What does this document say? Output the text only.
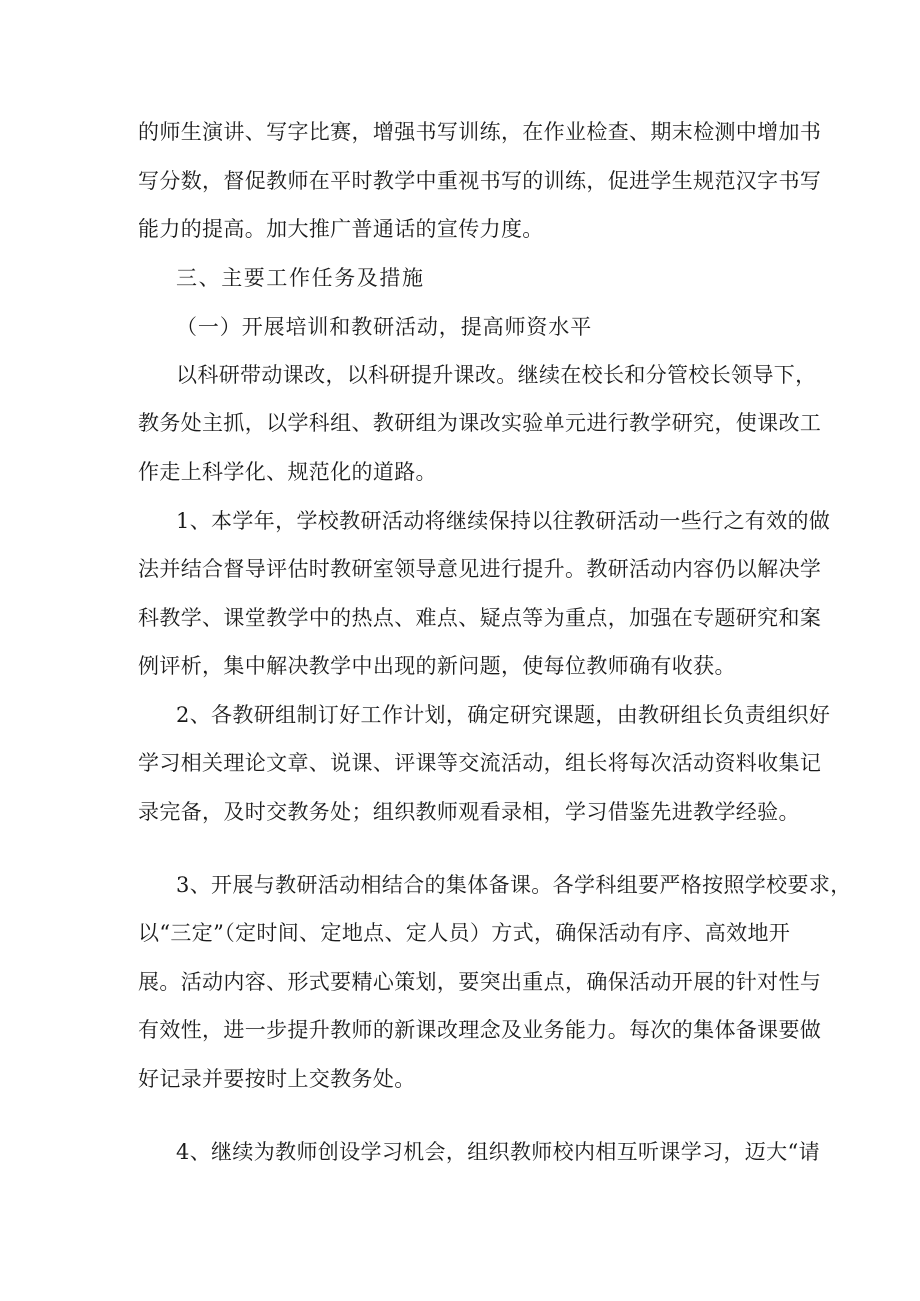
的师生演讲、写字比赛，增强书写训练，在作业检查、期末检测中增加书

写分数，督促教师在平时教学中重视书写的训练，促进学生规范汉字书写

能力的提高。加大推广普通话的宣传力度。

三、主要工作任务及措施

（一）开展培训和教研活动，提高师资水平

以科研带动课改，以科研提升课改。继续在校长和分管校长领导下，

教务处主抓，以学科组、教研组为课改实验单元进行教学研究，使课改工

作走上科学化、规范化的道路。

1、本学年，学校教研活动将继续保持以往教研活动一些行之有效的做

法并结合督导评估时教研室领导意见进行提升。教研活动内容仍以解决学

科教学、课堂教学中的热点、难点、疑点等为重点，加强在专题研究和案

例评析，集中解决教学中出现的新问题，使每位教师确有收获。

2、各教研组制订好工作计划，确定研究课题，由教研组长负责组织好

学习相关理论文章、说课、评课等交流活动，组长将每次活动资料收集记

录完备，及时交教务处；组织教师观看录相，学习借鉴先进教学经验。

3、开展与教研活动相结合的集体备课。各学科组要严格按照学校要求，

以“三定”（定时间、定地点、定人员）方式，确保活动有序、高效地开

展。活动内容、形式要精心策划，要突出重点，确保活动开展的针对性与

有效性，进一步提升教师的新课改理念及业务能力。每次的集体备课要做

好记录并要按时上交教务处。

4、继续为教师创设学习机会，组织教师校内相互听课学习，迈大“请
